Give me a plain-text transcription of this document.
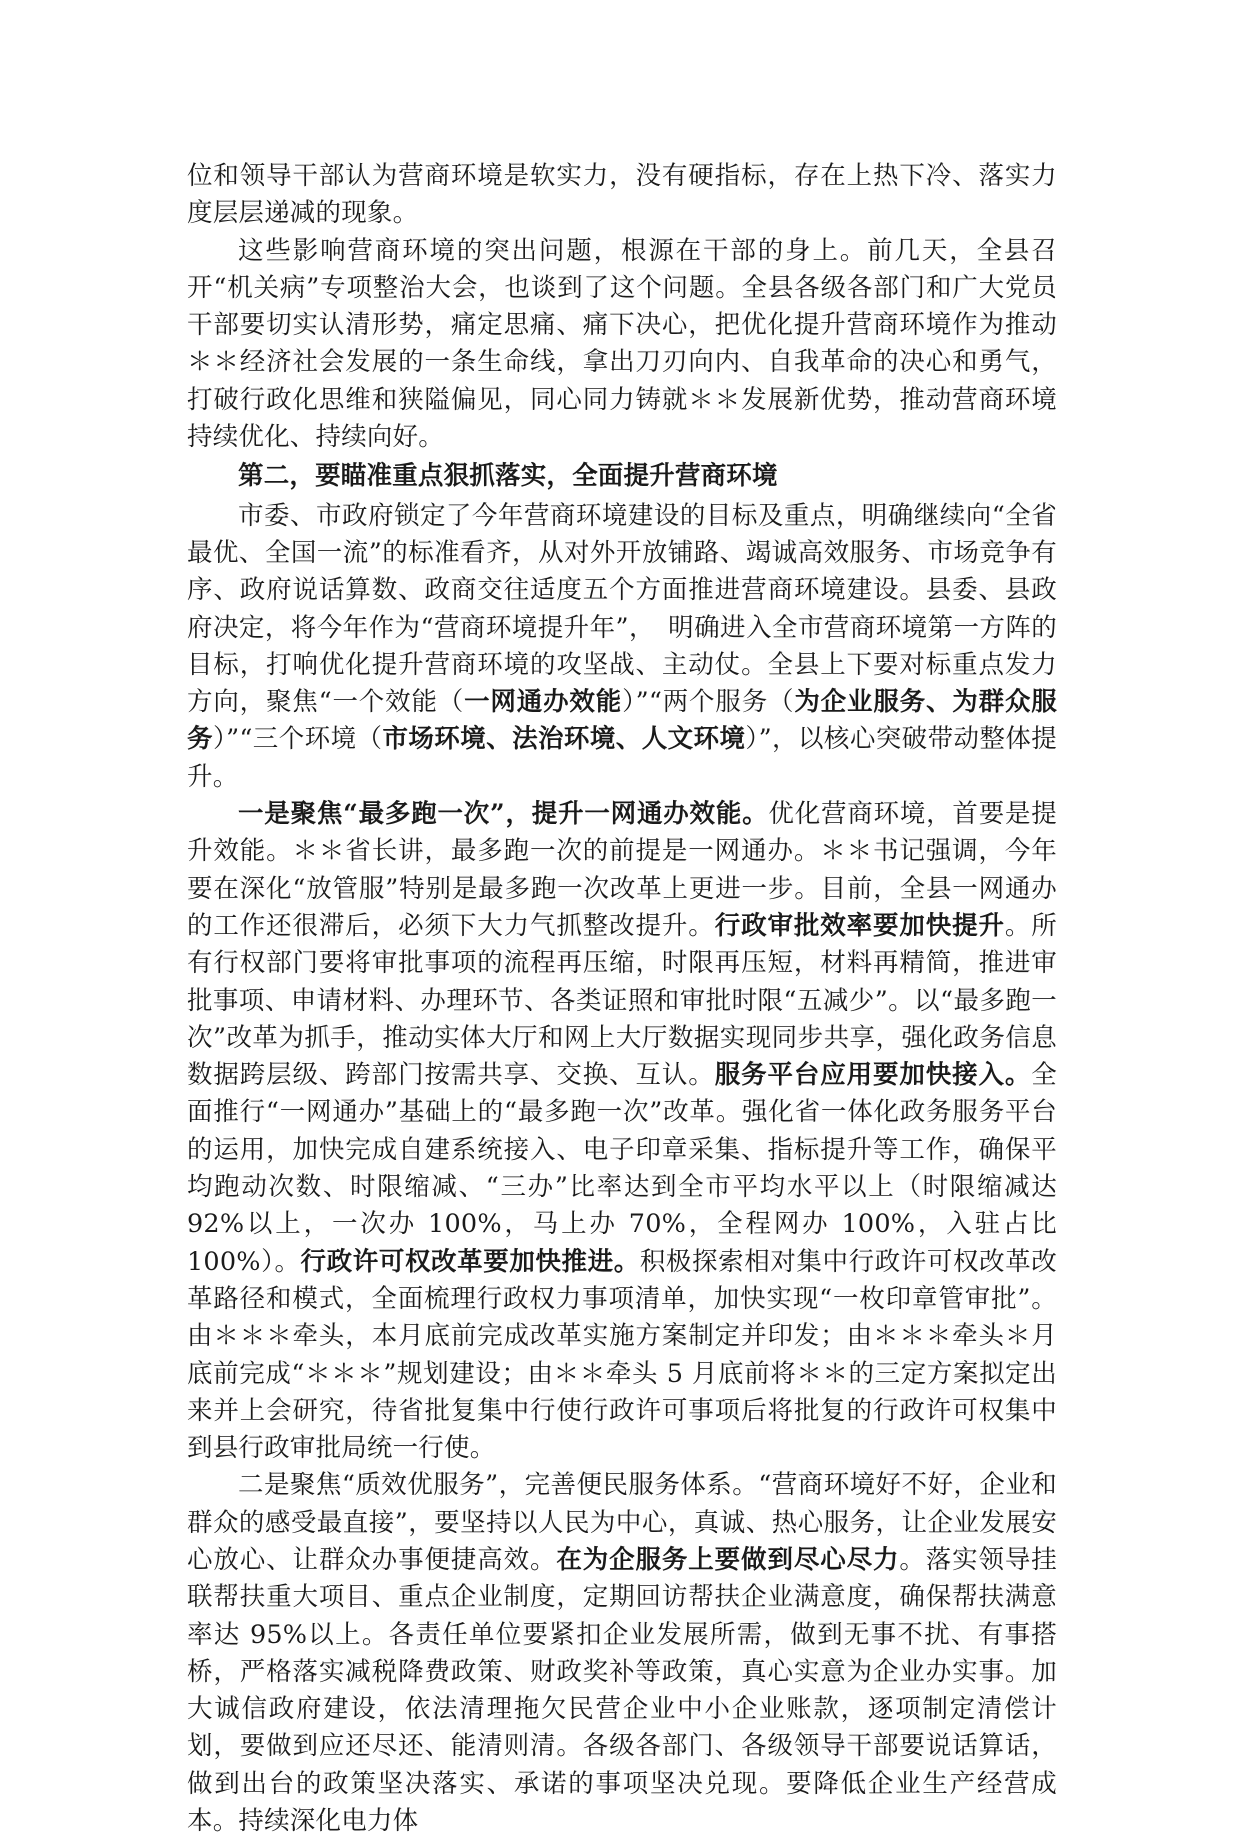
位和领导干部认为营商环境是软实力，没有硬指标，存在上热下冷、落实力度层层递减的现象。

这些影响营商环境的突出问题，根源在干部的身上。前几天，全县召开“机关病”专项整治大会，也谈到了这个问题。全县各级各部门和广大党员干部要切实认清形势，痛定思痛、痛下决心，把优化提升营商环境作为推动＊＊经济社会发展的一条生命线，拿出刀刃向内、自我革命的决心和勇气，打破行政化思维和狭隘偏见，同心同力铸就＊＊发展新优势，推动营商环境持续优化、持续向好。

第二，要瞄准重点狠抓落实，全面提升营商环境

市委、市政府锁定了今年营商环境建设的目标及重点，明确继续向“全省最优、全国一流”的标准看齐，从对外开放铺路、竭诚高效服务、市场竞争有序、政府说话算数、政商交往适度五个方面推进营商环境建设。县委、县政府决定，将今年作为“营商环境提升年”，　明确进入全市营商环境第一方阵的目标，打响优化提升营商环境的攻坚战、主动仗。全县上下要对标重点发力方向，聚焦“一个效能（一网通办效能）”“两个服务（为企业服务、为群众服务）”“三个环境（市场环境、法治环境、人文环境）”，以核心突破带动整体提升。

一是聚焦“最多跑一次”，提升一网通办效能。优化营商环境，首要是提升效能。＊＊省长讲，最多跑一次的前提是一网通办。＊＊书记强调，今年要在深化“放管服”特别是最多跑一次改革上更进一步。目前，全县一网通办的工作还很滞后，必须下大力气抓整改提升。行政审批效率要加快提升。所有行权部门要将审批事项的流程再压缩，时限再压短，材料再精简，推进审批事项、申请材料、办理环节、各类证照和审批时限“五减少”。以“最多跑一次”改革为抓手，推动实体大厅和网上大厅数据实现同步共享，强化政务信息数据跨层级、跨部门按需共享、交换、互认。服务平台应用要加快接入。全面推行“一网通办”基础上的“最多跑一次”改革。强化省一体化政务服务平台的运用，加快完成自建系统接入、电子印章采集、指标提升等工作，确保平均跑动次数、时限缩减、“三办”比率达到全市平均水平以上（时限缩减达 92%以上，一次办 100%，马上办 70%，全程网办 100%，入驻占比 100%）。行政许可权改革要加快推进。积极探索相对集中行政许可权改革改革路径和模式，全面梳理行政权力事项清单，加快实现“一枚印章管审批”。由＊＊＊牵头，本月底前完成改革实施方案制定并印发；由＊＊＊牵头＊月底前完成“＊＊＊”规划建设；由＊＊牵头 5 月底前将＊＊的三定方案拟定出来并上会研究，待省批复集中行使行政许可事项后将批复的行政许可权集中到县行政审批局统一行使。

二是聚焦“质效优服务”，完善便民服务体系。“营商环境好不好，企业和群众的感受最直接”，要坚持以人民为中心，真诚、热心服务，让企业发展安心放心、让群众办事便捷高效。在为企服务上要做到尽心尽力。落实领导挂联帮扶重大项目、重点企业制度，定期回访帮扶企业满意度，确保帮扶满意率达 95%以上。各责任单位要紧扣企业发展所需，做到无事不扰、有事搭桥，严格落实减税降费政策、财政奖补等政策，真心实意为企业办实事。加大诚信政府建设，依法清理拖欠民营企业中小企业账款，逐项制定清偿计划，要做到应还尽还、能清则清。各级各部门、各级领导干部要说话算话，做到出台的政策坚决落实、承诺的事项坚决兑现。要降低企业生产经营成本。持续深化电力体
